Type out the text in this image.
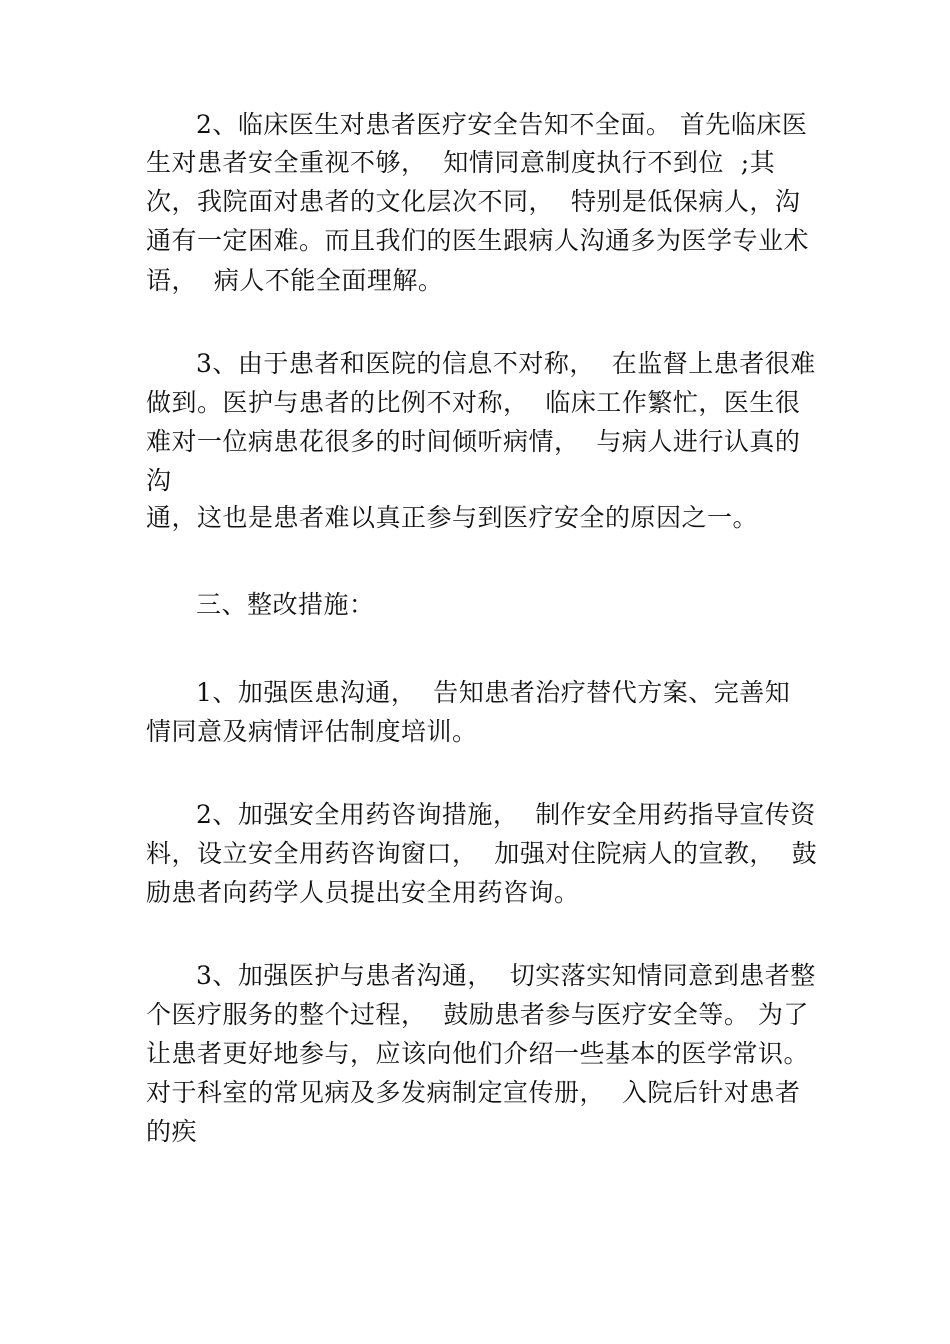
2、临床医生对患者医疗安全告知不全面。 首先临床医
生对患者安全重视不够，  知情同意制度执行不到位  ;其
次，我院面对患者的文化层次不同，  特别是低保病人，沟
通有一定困难。而且我们的医生跟病人沟通多为医学专业术
语，  病人不能全面理解。
3、由于患者和医院的信息不对称，  在监督上患者很难
做到。医护与患者的比例不对称，  临床工作繁忙，医生很
难对一位病患花很多的时间倾听病情，  与病人进行认真的
沟
通，这也是患者难以真正参与到医疗安全的原因之一。
三、整改措施：
1、加强医患沟通，  告知患者治疗替代方案、完善知
情同意及病情评估制度培训。
2、加强安全用药咨询措施，  制作安全用药指导宣传资
料，设立安全用药咨询窗口，  加强对住院病人的宣教，  鼓
励患者向药学人员提出安全用药咨询。
3、加强医护与患者沟通，  切实落实知情同意到患者整
个医疗服务的整个过程，  鼓励患者参与医疗安全等。 为了
让患者更好地参与，应该向他们介绍一些基本的医学常识。
对于科室的常见病及多发病制定宣传册，  入院后针对患者
的疾
